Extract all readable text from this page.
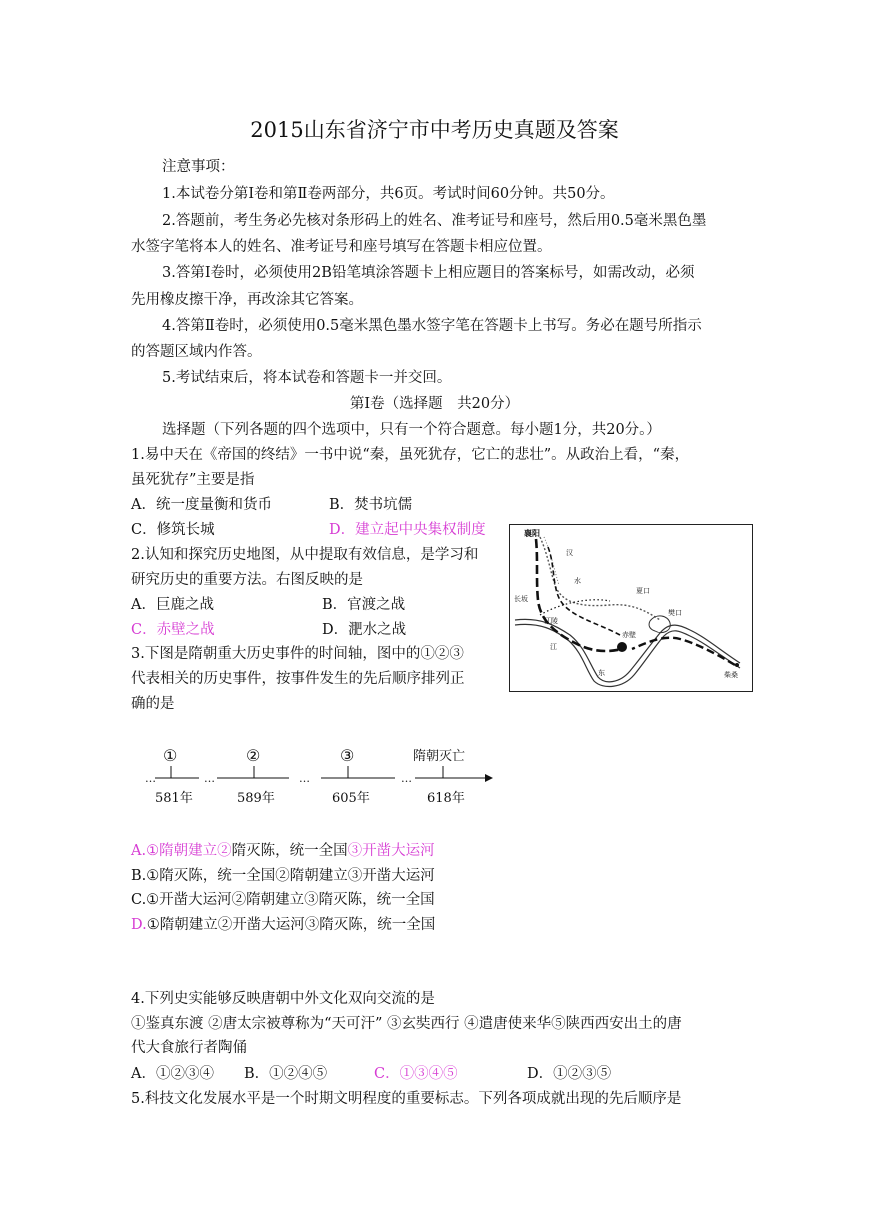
2015山东省济宁市中考历史真题及答案
注意事项：
1.本试卷分第Ⅰ卷和第Ⅱ卷两部分，共6页。考试时间60分钟。共50分。
2.答题前，考生务必先核对条形码上的姓名、准考证号和座号，然后用0.5毫米黑色墨
水签字笔将本人的姓名、准考证号和座号填写在答题卡相应位置。
3.答第Ⅰ卷时，必须使用2B铅笔填涂答题卡上相应题目的答案标号，如需改动，必须
先用橡皮擦干净，再改涂其它答案。
4.答第Ⅱ卷时，必须使用0.5毫米黑色墨水签字笔在答题卡上书写。务必在题号所指示
的答题区域内作答。
5.考试结束后，将本试卷和答题卡一并交回。
第Ⅰ卷（选择题　共20分）
选择题（下列各题的四个选项中，只有一个符合题意。每小题1分，共20分。）
1.易中天在《帝国的终结》一书中说“秦，虽死犹存，它亡的悲壮”。从政治上看，“秦，
虽死犹存”主要是指
A．统一度量衡和货币	B．焚书坑儒
C．修筑长城	D．建立起中央集权制度
2.认知和探究历史地图，从中提取有效信息，是学习和
研究历史的重要方法。右图反映的是
A．巨鹿之战	B．官渡之战
C．赤壁之战	D．淝水之战
襄阳
汉
水
长坂
江陵
江
赤壁
东
樊口
夏口
柴桑
3.下图是隋朝重大历史事件的时间轴，图中的①②③
代表相关的历史事件，按事件发生的先后顺序排列正
确的是
①	②	③	隋朝灭亡
…	…	…	…
581年	589年	605年	618年
A.①隋朝建立②隋灭陈，统一全国③开凿大运河
B.①隋灭陈，统一全国②隋朝建立③开凿大运河
C.①开凿大运河②隋朝建立③隋灭陈，统一全国
D.①隋朝建立②开凿大运河③隋灭陈，统一全国
4.下列史实能够反映唐朝中外文化双向交流的是
①鉴真东渡 ②唐太宗被尊称为“天可汗” ③玄奘西行 ④遣唐使来华⑤陕西西安出土的唐
代大食旅行者陶俑
A．①②③④ B．①②④⑤	C．①③④⑤	D．①②③⑤
5.科技文化发展水平是一个时期文明程度的重要标志。下列各项成就出现的先后顺序是
